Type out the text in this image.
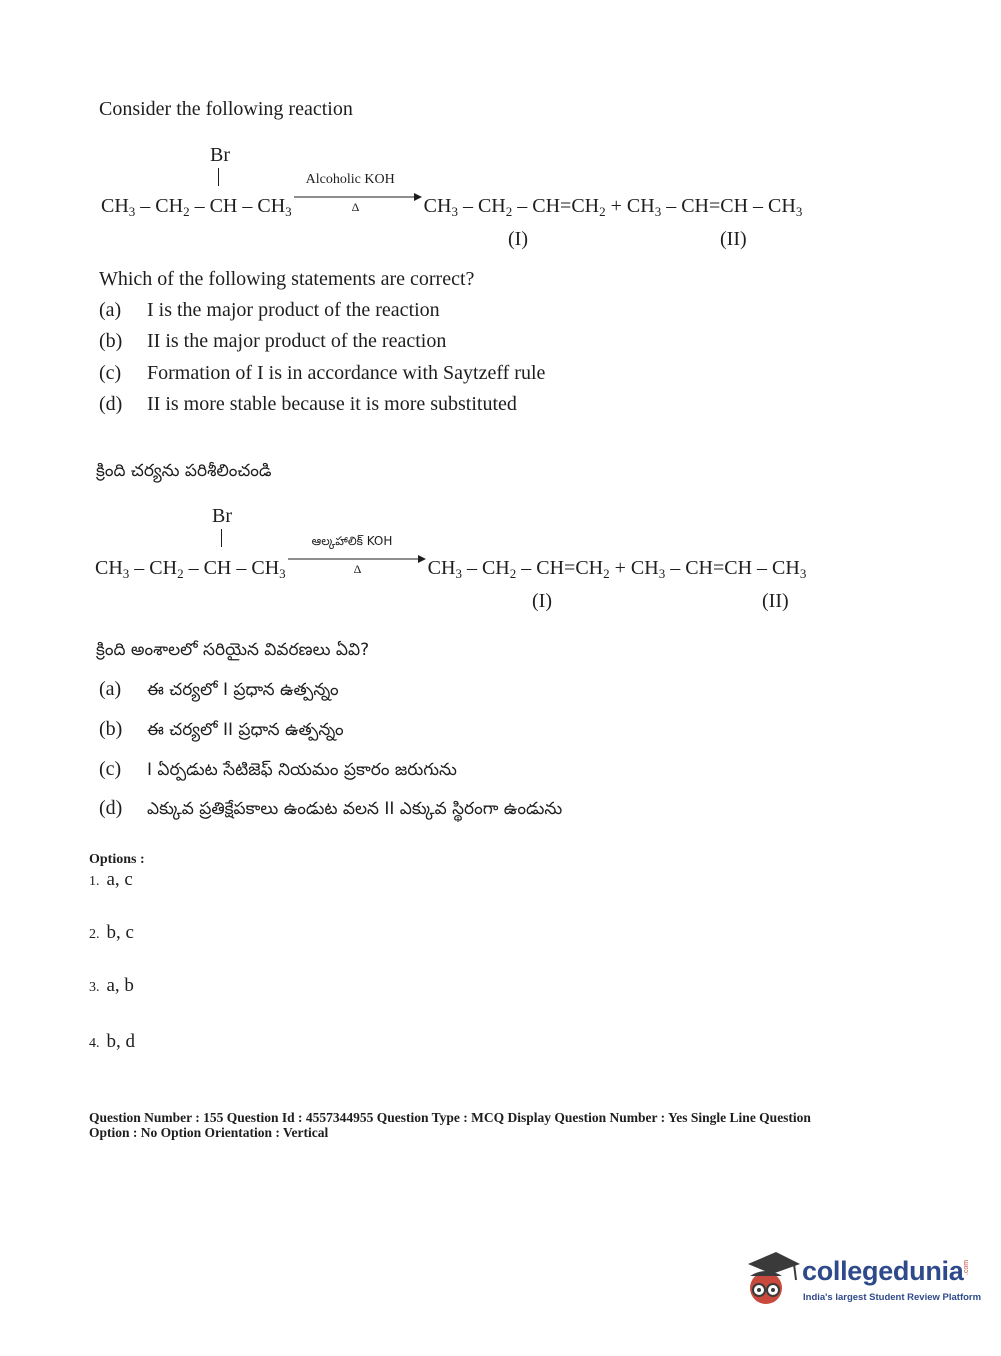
Consider the following reaction
Br
$CH_3 - CH_2$ – CH – $CH_3$
Alcoholic KOH
Δ	$CH_3 - CH_2 - CH=CH_2 + CH_3 - CH=CH - CH_3$
(I)	(II)
Which of the following statements are correct?
(a) I is the major product of the reaction
(b) II is the major product of the reaction
(c) Formation of I is in accordance with Saytzeff rule
(d) II is more stable because it is more substituted
క్రింది చర్యను పరిశీలించండి
Br
$CH_3 - CH_2$ – CH – $CH_3$
ఆల్కహాలిక్ KOH
Δ	$CH_3 - CH_2 - CH=CH_2 + CH_3 - CH=CH - CH_3$
(I)	(II)
క్రింది అంశాలలో సరియైన వివరణలు ఏవి?
(a) ఈ చర్యలో I ప్రధాన ఉత్పన్నం
(b) ఈ చర్యలో II ప్రధాన ఉత్పన్నం
(c) I ఏర్పడుట సేటిజెఫ్ నియమం ప్రకారం జరుగును
(d) ఎక్కువ ప్రతిక్షేపకాలు ఉండుట వలన II ఎక్కువ స్థిరంగా ఉండును
Options :
1. a, c
2. b, c
3. a, b
4. b, d
Question Number : 155 Question Id : 4557344955 Question Type : MCQ Display Question Number : Yes Single Line Question
Option : No Option Orientation : Vertical
collegedunia .com
India's largest Student Review Platform
